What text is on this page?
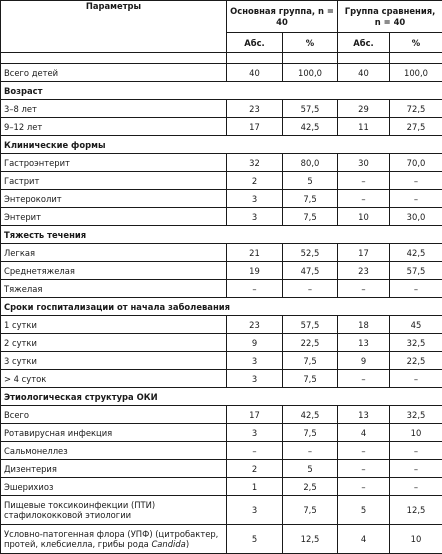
Параметры	Основная группа, n = 40		Группа сравнения, n = 40	
	Абс.	%	Абс.	%

Всего детей	40	100,0	40	100,0
Возраст				
3–8 лет	23	57,5	29	72,5
9–12 лет	17	42,5	11	27,5
Клинические формы				
Гастроэнтерит	32	80,0	30	70,0
Гастрит	2	5	–	–
Энтероколит	3	7,5	–	–
Энтерит	3	7,5	10	30,0
Тяжесть течения				
Легкая	21	52,5	17	42,5
Среднетяжелая	19	47,5	23	57,5
Тяжелая	–	–	–	–
Сроки госпитализации от начала заболевания				
1 сутки	23	57,5	18	45
2 сутки	9	22,5	13	32,5
3 сутки	3	7,5	9	22,5
> 4 суток	3	7,5	–	–
Этиологическая структура ОКИ				
Всего	17	42,5	13	32,5
Ротавирусная инфекция	3	7,5	4	10
Сальмонеллез	–	–	–	–
Дизентерия	2	5	–	–
Эшерихиоз	1	2,5	–	–
Пищевые токсикоинфекции (ПТИ) стафилококковой этиологии	3	7,5	5	12,5
Условно-патогенная флора (УПФ) (цитробактер, протей, клебсиелла, грибы рода Candida)	5	12,5	4	10
